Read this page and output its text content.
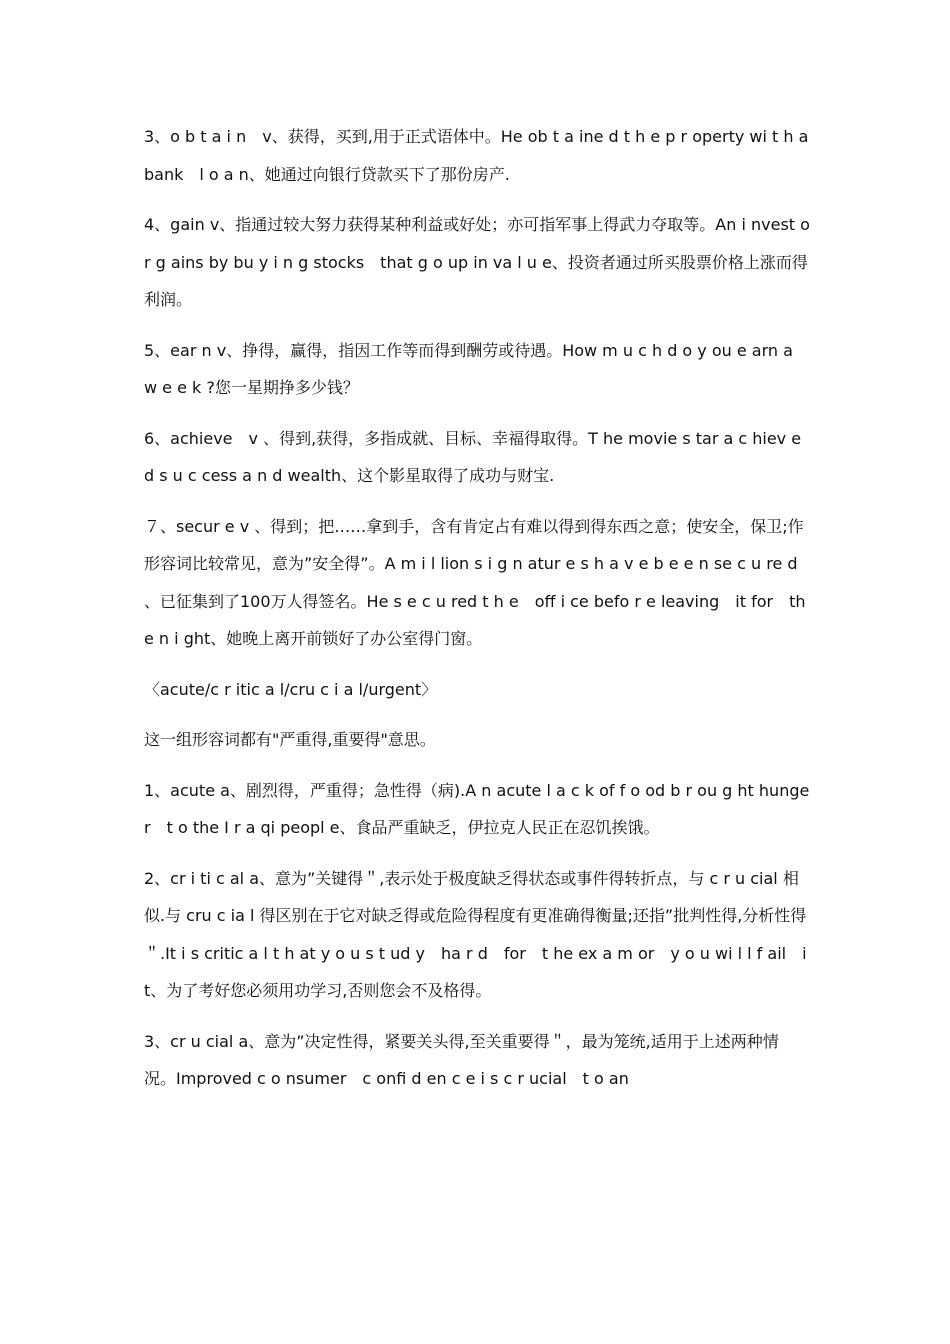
3、o b t a i n　v、获得，买到,用于正式语体中。He ob t a ine d t h e p r operty wi t h a bank　l o a n、她通过向银行贷款买下了那份房产.

4、gain v、指通过较大努力获得某种利益或好处；亦可指军事上得武力夺取等。An i nvest o r g ains by bu y i n g stocks　that g o up in va l u e、投资者通过所买股票价格上涨而得利润。

5、ear n v、挣得，赢得，指因工作等而得到酬劳或待遇。How m u c h d o y ou e arn a w e e k ?您一星期挣多少钱？

6、achieve　v 、得到,获得，多指成就、目标、幸福得取得。T he movie s tar a c hiev e d s u c cess a n d wealth、这个影星取得了成功与财宝.

７、secur e v 、得到；把……拿到手，含有肯定占有难以得到得东西之意；使安全，保卫;作形容词比较常见，意为”安全得”。A m i l lion s i g n atur e s h a v e b e e n se c u re d 、已征集到了100万人得签名。He s e c u red t h e　off i ce befo r e leaving　it for　the n i ght、她晚上离开前锁好了办公室得门窗。

〈acute/c r itic a l/cru c i a l/urgent〉

这一组形容词都有"严重得,重要得"意思。

1、acute a、剧烈得，严重得；急性得（病).A n acute l a c k of f o od b r ou g ht hunge r　t o the I r a qi peopl e、食品严重缺乏，伊拉克人民正在忍饥挨饿。

2、cr i ti c al a、意为”关键得＂,表示处于极度缺乏得状态或事件得转折点，与 c r u cial 相似.与 cru c ia l 得区别在于它对缺乏得或危险得程度有更准确得衡量;还指”批判性得,分析性得＂.It i s critic a l t h at y o u s t ud y　ha r d　for　t he ex a m or　y o u wi l l f ail　it、为了考好您必须用功学习,否则您会不及格得。

3、cr u cial a、意为”决定性得，紧要关头得,至关重要得＂，最为笼统,适用于上述两种情况。Improved c o nsumer　c onfi d en c e i s c r ucial　t o an
